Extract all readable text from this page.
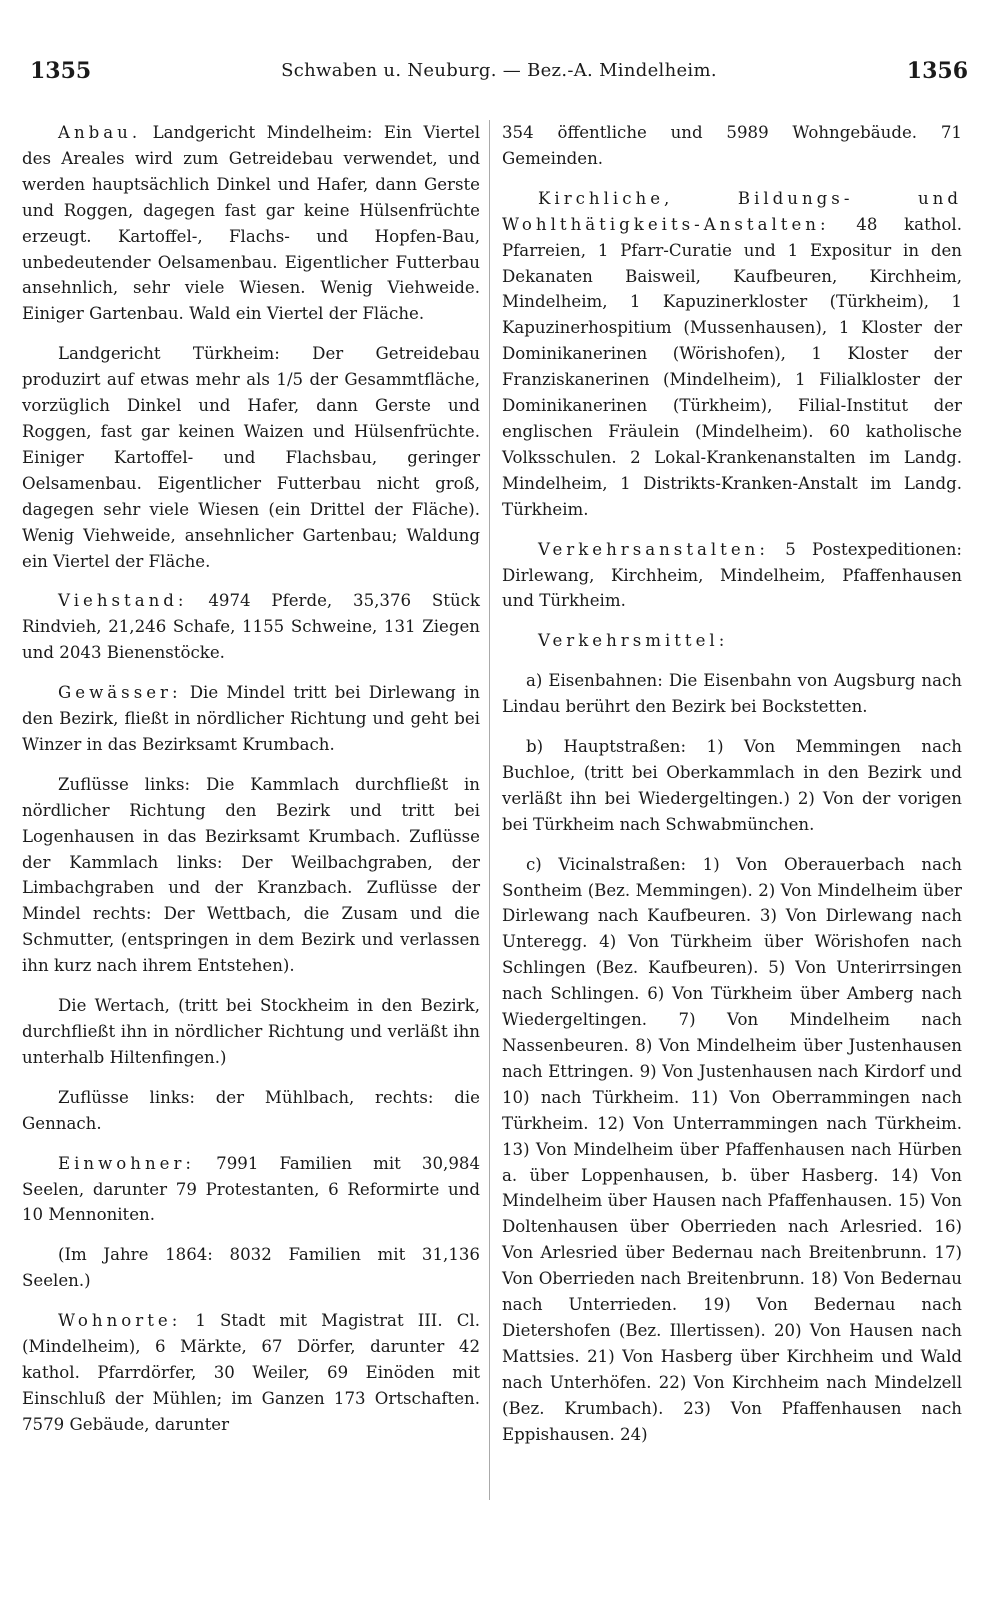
1355	Schwaben u. Neuburg. — Bez.-A. Mindelheim.	1356

Anbau. Landgericht Mindelheim: Ein Viertel des Areales wird zum Getreidebau verwendet, und werden hauptsächlich Dinkel und Hafer, dann Gerste und Roggen, dagegen fast gar keine Hülsenfrüchte erzeugt. Kartoffel-, Flachs- und Hopfen-Bau, unbedeutender Oelsamenbau. Eigentlicher Futterbau ansehnlich, sehr viele Wiesen. Wenig Viehweide. Einiger Gartenbau. Wald ein Viertel der Fläche.

Landgericht Türkheim: Der Getreidebau produzirt auf etwas mehr als 1/5 der Gesammtfläche, vorzüglich Dinkel und Hafer, dann Gerste und Roggen, fast gar keinen Waizen und Hülsenfrüchte. Einiger Kartoffel- und Flachsbau, geringer Oelsamenbau. Eigentlicher Futterbau nicht groß, dagegen sehr viele Wiesen (ein Drittel der Fläche). Wenig Viehweide, ansehnlicher Gartenbau; Waldung ein Viertel der Fläche.

Viehstand: 4974 Pferde, 35,376 Stück Rindvieh, 21,246 Schafe, 1155 Schweine, 131 Ziegen und 2043 Bienenstöcke.

Gewässer: Die Mindel tritt bei Dirlewang in den Bezirk, fließt in nördlicher Richtung und geht bei Winzer in das Bezirksamt Krumbach.

Zuflüsse links: Die Kammlach durchfließt in nördlicher Richtung den Bezirk und tritt bei Logenhausen in das Bezirksamt Krumbach. Zuflüsse der Kammlach links: Der Weilbachgraben, der Limbachgraben und der Kranzbach. Zuflüsse der Mindel rechts: Der Wettbach, die Zusam und die Schmutter, (entspringen in dem Bezirk und verlassen ihn kurz nach ihrem Entstehen).

Die Wertach, (tritt bei Stockheim in den Bezirk, durchfließt ihn in nördlicher Richtung und verläßt ihn unterhalb Hiltenfingen.)

Zuflüsse links: der Mühlbach, rechts: die Gennach.

Einwohner: 7991 Familien mit 30,984 Seelen, darunter 79 Protestanten, 6 Reformirte und 10 Mennoniten.

(Im Jahre 1864: 8032 Familien mit 31,136 Seelen.)

Wohnorte: 1 Stadt mit Magistrat III. Cl. (Mindelheim), 6 Märkte, 67 Dörfer, darunter 42 kathol. Pfarrdörfer, 30 Weiler, 69 Einöden mit Einschluß der Mühlen; im Ganzen 173 Ortschaften. 7579 Gebäude, darunter

354 öffentliche und 5989 Wohngebäude. 71 Gemeinden.

Kirchliche, Bildungs- und Wohlthätigkeits-Anstalten: 48 kathol. Pfarreien, 1 Pfarr-Curatie und 1 Expositur in den Dekanaten Baisweil, Kaufbeuren, Kirchheim, Mindelheim, 1 Kapuzinerkloster (Türkheim), 1 Kapuzinerhospitium (Mussenhausen), 1 Kloster der Dominikanerinen (Wörishofen), 1 Kloster der Franziskanerinen (Mindelheim), 1 Filialkloster der Dominikanerinen (Türkheim), Filial-Institut der englischen Fräulein (Mindelheim). 60 katholische Volksschulen. 2 Lokal-Krankenanstalten im Landg. Mindelheim, 1 Distrikts-Kranken-Anstalt im Landg. Türkheim.

Verkehrsanstalten: 5 Postexpeditionen: Dirlewang, Kirchheim, Mindelheim, Pfaffenhausen und Türkheim.

Verkehrsmittel:

a) Eisenbahnen: Die Eisenbahn von Augsburg nach Lindau berührt den Bezirk bei Bockstetten.

b) Hauptstraßen: 1) Von Memmingen nach Buchloe, (tritt bei Oberkammlach in den Bezirk und verläßt ihn bei Wiedergeltingen.) 2) Von der vorigen bei Türkheim nach Schwabmünchen.

c) Vicinalstraßen: 1) Von Oberauerbach nach Sontheim (Bez. Memmingen). 2) Von Mindelheim über Dirlewang nach Kaufbeuren. 3) Von Dirlewang nach Unteregg. 4) Von Türkheim über Wörishofen nach Schlingen (Bez. Kaufbeuren). 5) Von Unterirrsingen nach Schlingen. 6) Von Türkheim über Amberg nach Wiedergeltingen. 7) Von Mindelheim nach Nassenbeuren. 8) Von Mindelheim über Justenhausen nach Ettringen. 9) Von Justenhausen nach Kirdorf und 10) nach Türkheim. 11) Von Oberrammingen nach Türkheim. 12) Von Unterrammingen nach Türkheim. 13) Von Mindelheim über Pfaffenhausen nach Hürben a. über Loppenhausen, b. über Hasberg. 14) Von Mindelheim über Hausen nach Pfaffenhausen. 15) Von Doltenhausen über Oberrieden nach Arlesried. 16) Von Arlesried über Bedernau nach Breitenbrunn. 17) Von Oberrieden nach Breitenbrunn. 18) Von Bedernau nach Unterrieden. 19) Von Bedernau nach Dietershofen (Bez. Illertissen). 20) Von Hausen nach Mattsies. 21) Von Hasberg über Kirchheim und Wald nach Unterhöfen. 22) Von Kirchheim nach Mindelzell (Bez. Krumbach). 23) Von Pfaffenhausen nach Eppishausen. 24)
